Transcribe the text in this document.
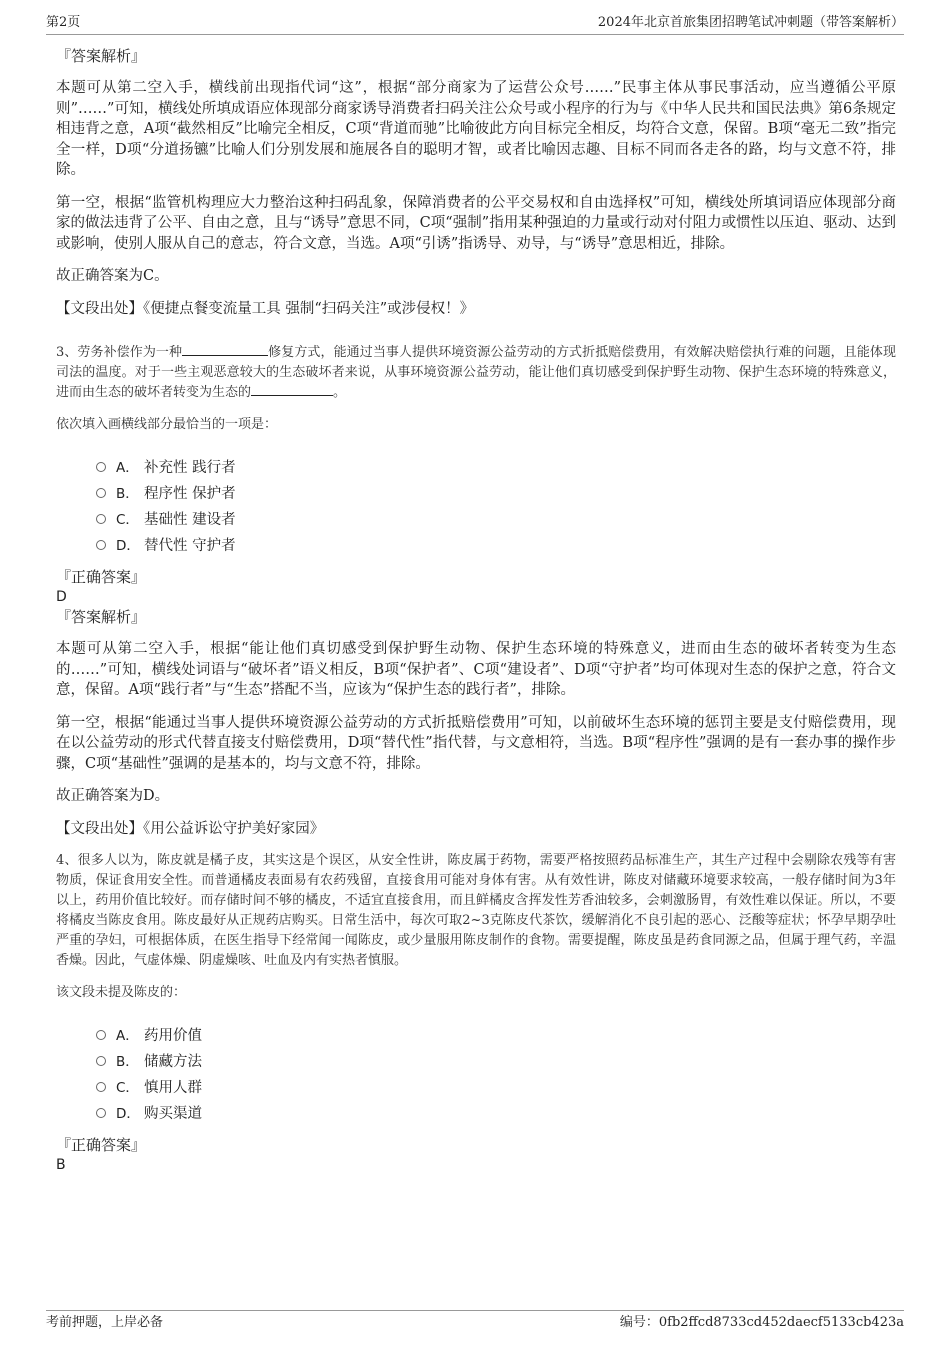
第2页	2024年北京首旅集团招聘笔试冲刺题（带答案解析）

『答案解析』

本题可从第二空入手，横线前出现指代词“这”，根据“部分商家为了运营公众号……”民事主体从事民事活动，应当遵循公平原则”……”可知，横线处所填成语应体现部分商家诱导消费者扫码关注公众号或小程序的行为与《中华人民共和国民法典》第6条规定相违背之意，A项“截然相反”比喻完全相反，C项“背道而驰”比喻彼此方向目标完全相反，均符合文意，保留。B项“毫无二致”指完全一样，D项“分道扬镳”比喻人们分别发展和施展各自的聪明才智，或者比喻因志趣、目标不同而各走各的路，均与文意不符，排除。

第一空，根据“监管机构理应大力整治这种扫码乱象，保障消费者的公平交易权和自由选择权”可知，横线处所填词语应体现部分商家的做法违背了公平、自由之意，且与“诱导”意思不同，C项“强制”指用某种强迫的力量或行动对付阻力或惯性以压迫、驱动、达到或影响，使别人服从自己的意志，符合文意，当选。A项“引诱”指诱导、劝导，与“诱导”意思相近，排除。

故正确答案为C。

【文段出处】《便捷点餐变流量工具 强制“扫码关注”或涉侵权！》

3、劳务补偿作为一种	修复方式，能通过当事人提供环境资源公益劳动的方式折抵赔偿费用，有效解决赔偿执行难的问题，且能体现司法的温度。对于一些主观恶意较大的生态破坏者来说，从事环境资源公益劳动，能让他们真切感受到保护野生动物、保护生态环境的特殊意义，进而由生态的破坏者转变为生态的	。

依次填入画横线部分最恰当的一项是：

A． 补充性 践行者
B． 程序性 保护者
C． 基础性 建设者
D． 替代性 守护者

『正确答案』

D

『答案解析』

本题可从第二空入手，根据“能让他们真切感受到保护野生动物、保护生态环境的特殊意义，进而由生态的破坏者转变为生态的……”可知，横线处词语与“破坏者”语义相反，B项“保护者”、C项“建设者”、D项“守护者”均可体现对生态的保护之意，符合文意，保留。A项“践行者”与“生态”搭配不当，应该为“保护生态的践行者”，排除。

第一空，根据“能通过当事人提供环境资源公益劳动的方式折抵赔偿费用”可知，以前破坏生态环境的惩罚主要是支付赔偿费用，现在以公益劳动的形式代替直接支付赔偿费用，D项“替代性”指代替，与文意相符，当选。B项“程序性”强调的是有一套办事的操作步骤，C项“基础性”强调的是基本的，均与文意不符，排除。

故正确答案为D。

【文段出处】《用公益诉讼守护美好家园》

4、很多人以为，陈皮就是橘子皮，其实这是个误区，从安全性讲，陈皮属于药物，需要严格按照药品标准生产，其生产过程中会剔除农残等有害物质，保证食用安全性。而普通橘皮表面易有农药残留，直接食用可能对身体有害。从有效性讲，陈皮对储藏环境要求较高，一般存储时间为3年以上，药用价值比较好。而存储时间不够的橘皮，不适宜直接食用，而且鲜橘皮含挥发性芳香油较多，会刺激肠胃，有效性难以保证。所以，不要将橘皮当陈皮食用。陈皮最好从正规药店购买。日常生活中，每次可取2~3克陈皮代茶饮，缓解消化不良引起的恶心、泛酸等症状；怀孕早期孕吐严重的孕妇，可根据体质，在医生指导下经常闻一闻陈皮，或少量服用陈皮制作的食物。需要提醒，陈皮虽是药食同源之品，但属于理气药，辛温香燥。因此，气虚体燥、阴虚燥咳、吐血及内有实热者慎服。

该文段未提及陈皮的：

A． 药用价值
B． 储藏方法
C． 慎用人群
D． 购买渠道

『正确答案』

B

考前押题，上岸必备	编号：0fb2ffcd8733cd452daecf5133cb423a
